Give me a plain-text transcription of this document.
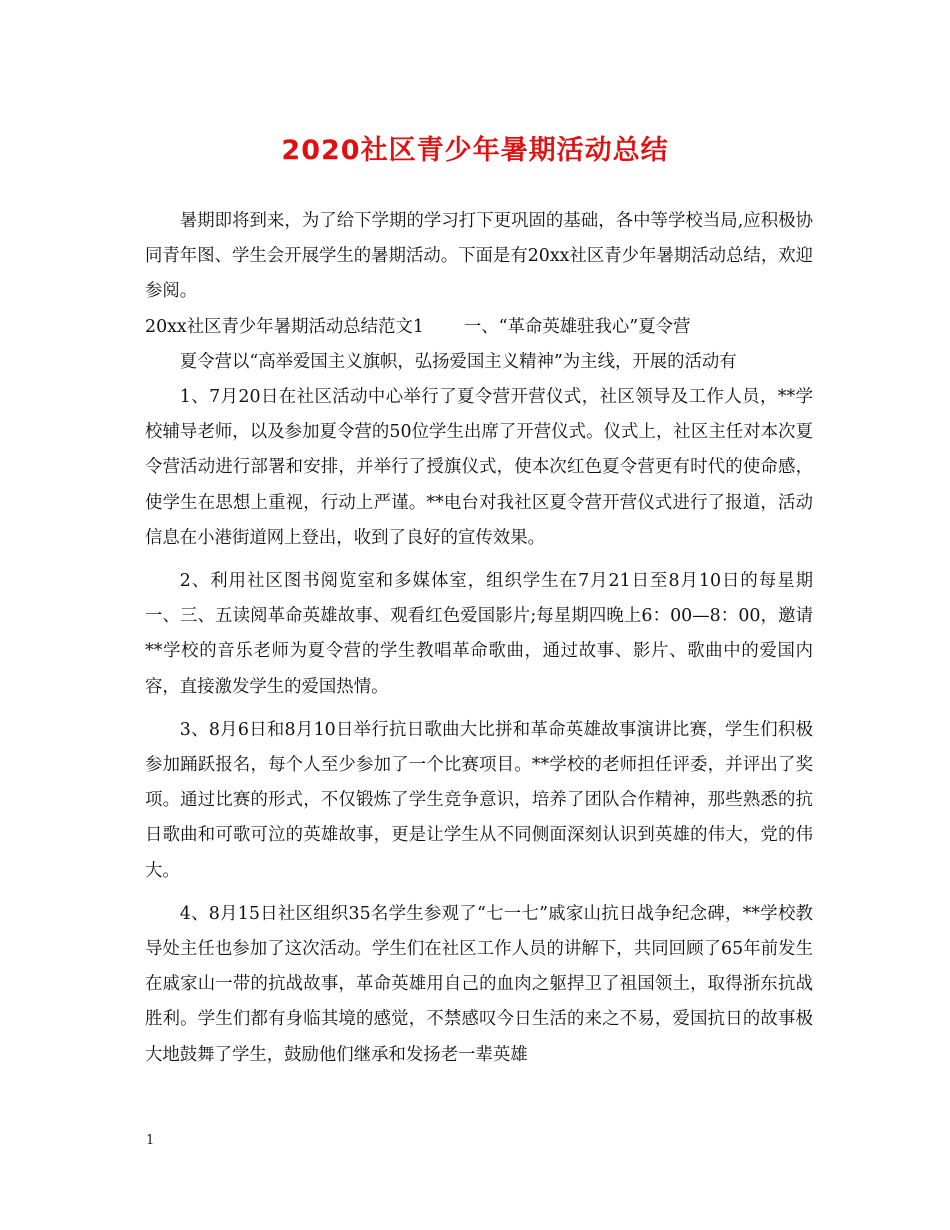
2020社区青少年暑期活动总结

暑期即将到来，为了给下学期的学习打下更巩固的基础，各中等学校当局,应积极协同青年图、学生会开展学生的暑期活动。下面是有20xx社区青少年暑期活动总结，欢迎参阅。

20xx社区青少年暑期活动总结范文1 一、“革命英雄驻我心”夏令营

夏令营以“高举爱国主义旗帜，弘扬爱国主义精神”为主线，开展的活动有

1、7月20日在社区活动中心举行了夏令营开营仪式，社区领导及工作人员，**学校辅导老师，以及参加夏令营的50位学生出席了开营仪式。仪式上，社区主任对本次夏令营活动进行部署和安排，并举行了授旗仪式，使本次红色夏令营更有时代的使命感，使学生在思想上重视，行动上严谨。**电台对我社区夏令营开营仪式进行了报道，活动信息在小港街道网上登出，收到了良好的宣传效果。

2、利用社区图书阅览室和多媒体室，组织学生在7月21日至8月10日的每星期一、三、五读阅革命英雄故事、观看红色爱国影片;每星期四晚上6：00—8：00，邀请**学校的音乐老师为夏令营的学生教唱革命歌曲，通过故事、影片、歌曲中的爱国内容，直接激发学生的爱国热情。

3、8月6日和8月10日举行抗日歌曲大比拼和革命英雄故事演讲比赛，学生们积极参加踊跃报名，每个人至少参加了一个比赛项目。**学校的老师担任评委，并评出了奖项。通过比赛的形式，不仅锻炼了学生竞争意识，培养了团队合作精神，那些熟悉的抗日歌曲和可歌可泣的英雄故事，更是让学生从不同侧面深刻认识到英雄的伟大，党的伟大。

4、8月15日社区组织35名学生参观了“七一七”戚家山抗日战争纪念碑，**学校教导处主任也参加了这次活动。学生们在社区工作人员的讲解下，共同回顾了65年前发生在戚家山一带的抗战故事，革命英雄用自己的血肉之躯捍卫了祖国领土，取得浙东抗战胜利。学生们都有身临其境的感觉，不禁感叹今日生活的来之不易，爱国抗日的故事极大地鼓舞了学生，鼓励他们继承和发扬老一辈英雄

1
